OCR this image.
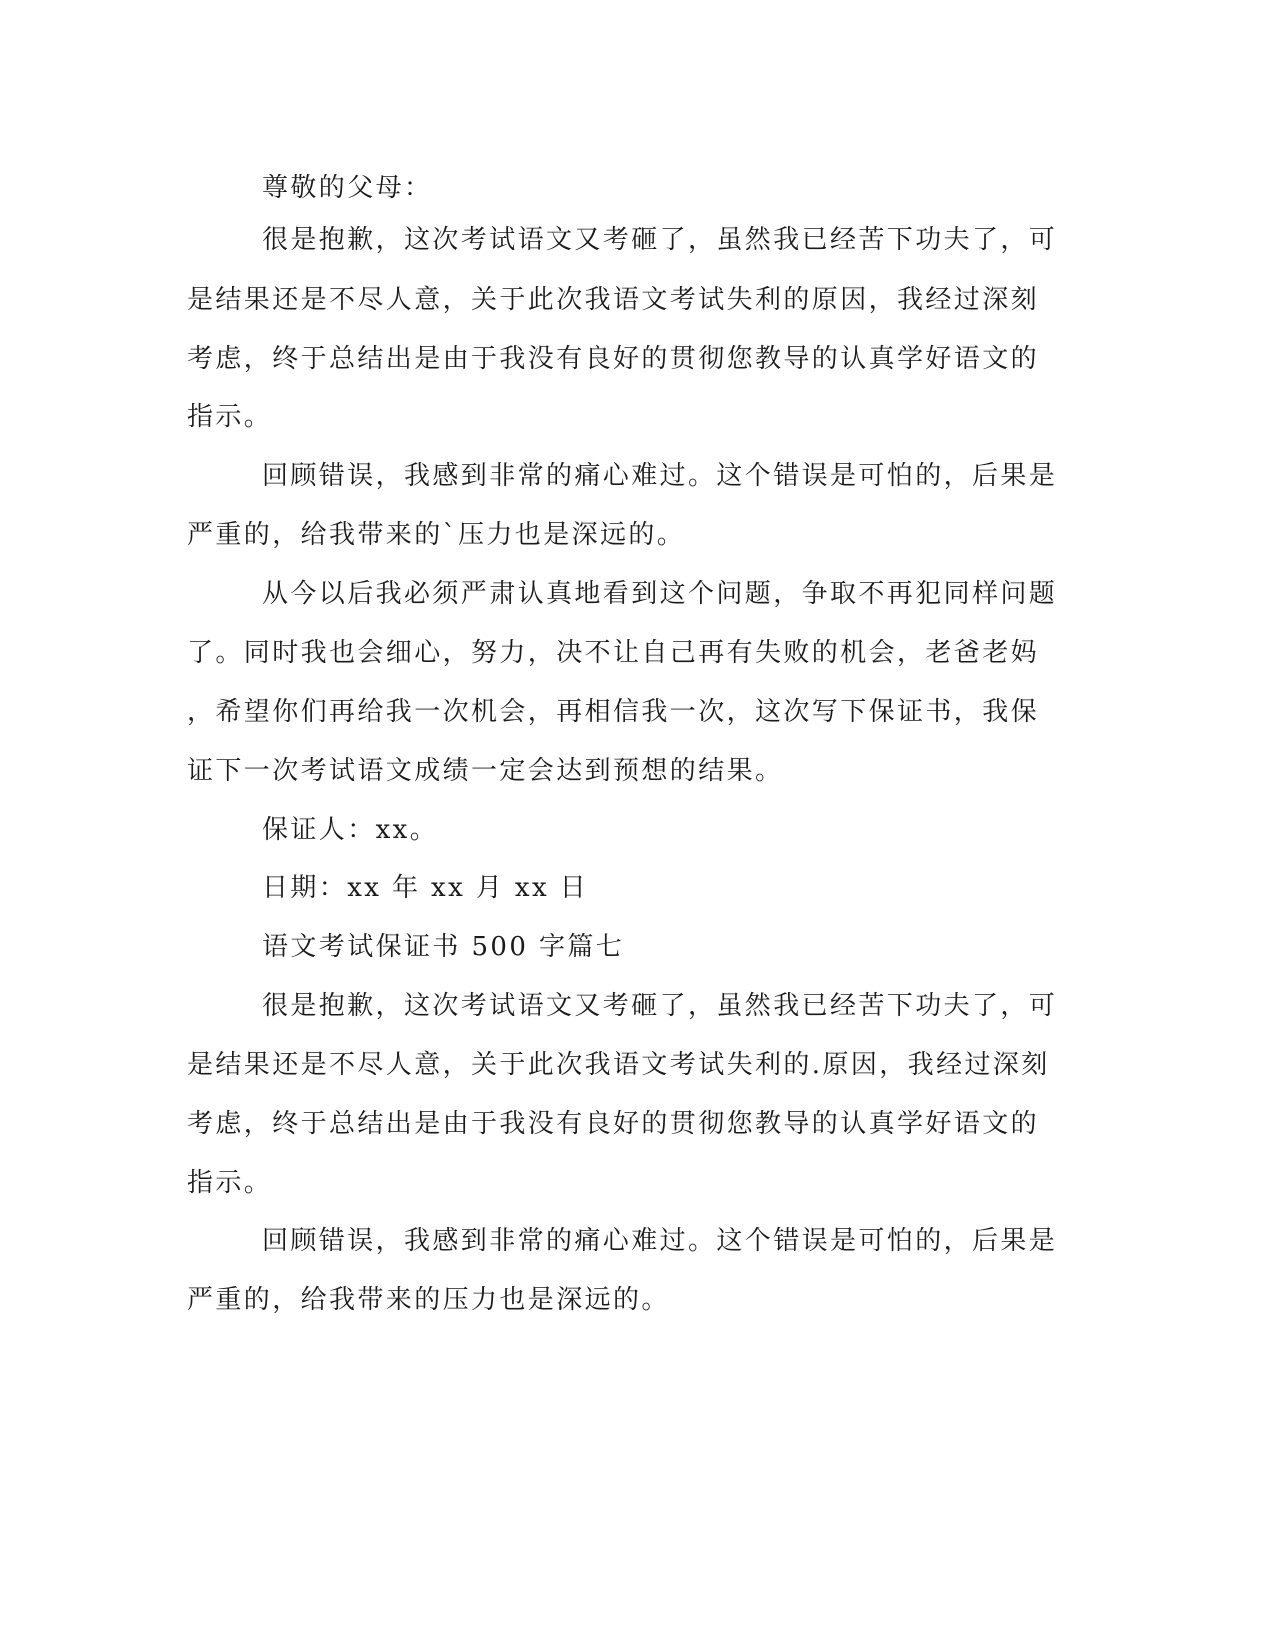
尊敬的父母：
很是抱歉，这次考试语文又考砸了，虽然我已经苦下功夫了，可
是结果还是不尽人意，关于此次我语文考试失利的原因，我经过深刻
考虑，终于总结出是由于我没有良好的贯彻您教导的认真学好语文的
指示。
回顾错误，我感到非常的痛心难过。这个错误是可怕的，后果是
严重的，给我带来的`压力也是深远的。
从今以后我必须严肃认真地看到这个问题，争取不再犯同样问题
了。同时我也会细心，努力，决不让自己再有失败的机会，老爸老妈
，希望你们再给我一次机会，再相信我一次，这次写下保证书，我保
证下一次考试语文成绩一定会达到预想的结果。
保证人：xx。
日期：xx 年 xx 月 xx 日
语文考试保证书 500 字篇七
很是抱歉，这次考试语文又考砸了，虽然我已经苦下功夫了，可
是结果还是不尽人意，关于此次我语文考试失利的.原因，我经过深刻
考虑，终于总结出是由于我没有良好的贯彻您教导的认真学好语文的
指示。
回顾错误，我感到非常的痛心难过。这个错误是可怕的，后果是
严重的，给我带来的压力也是深远的。
